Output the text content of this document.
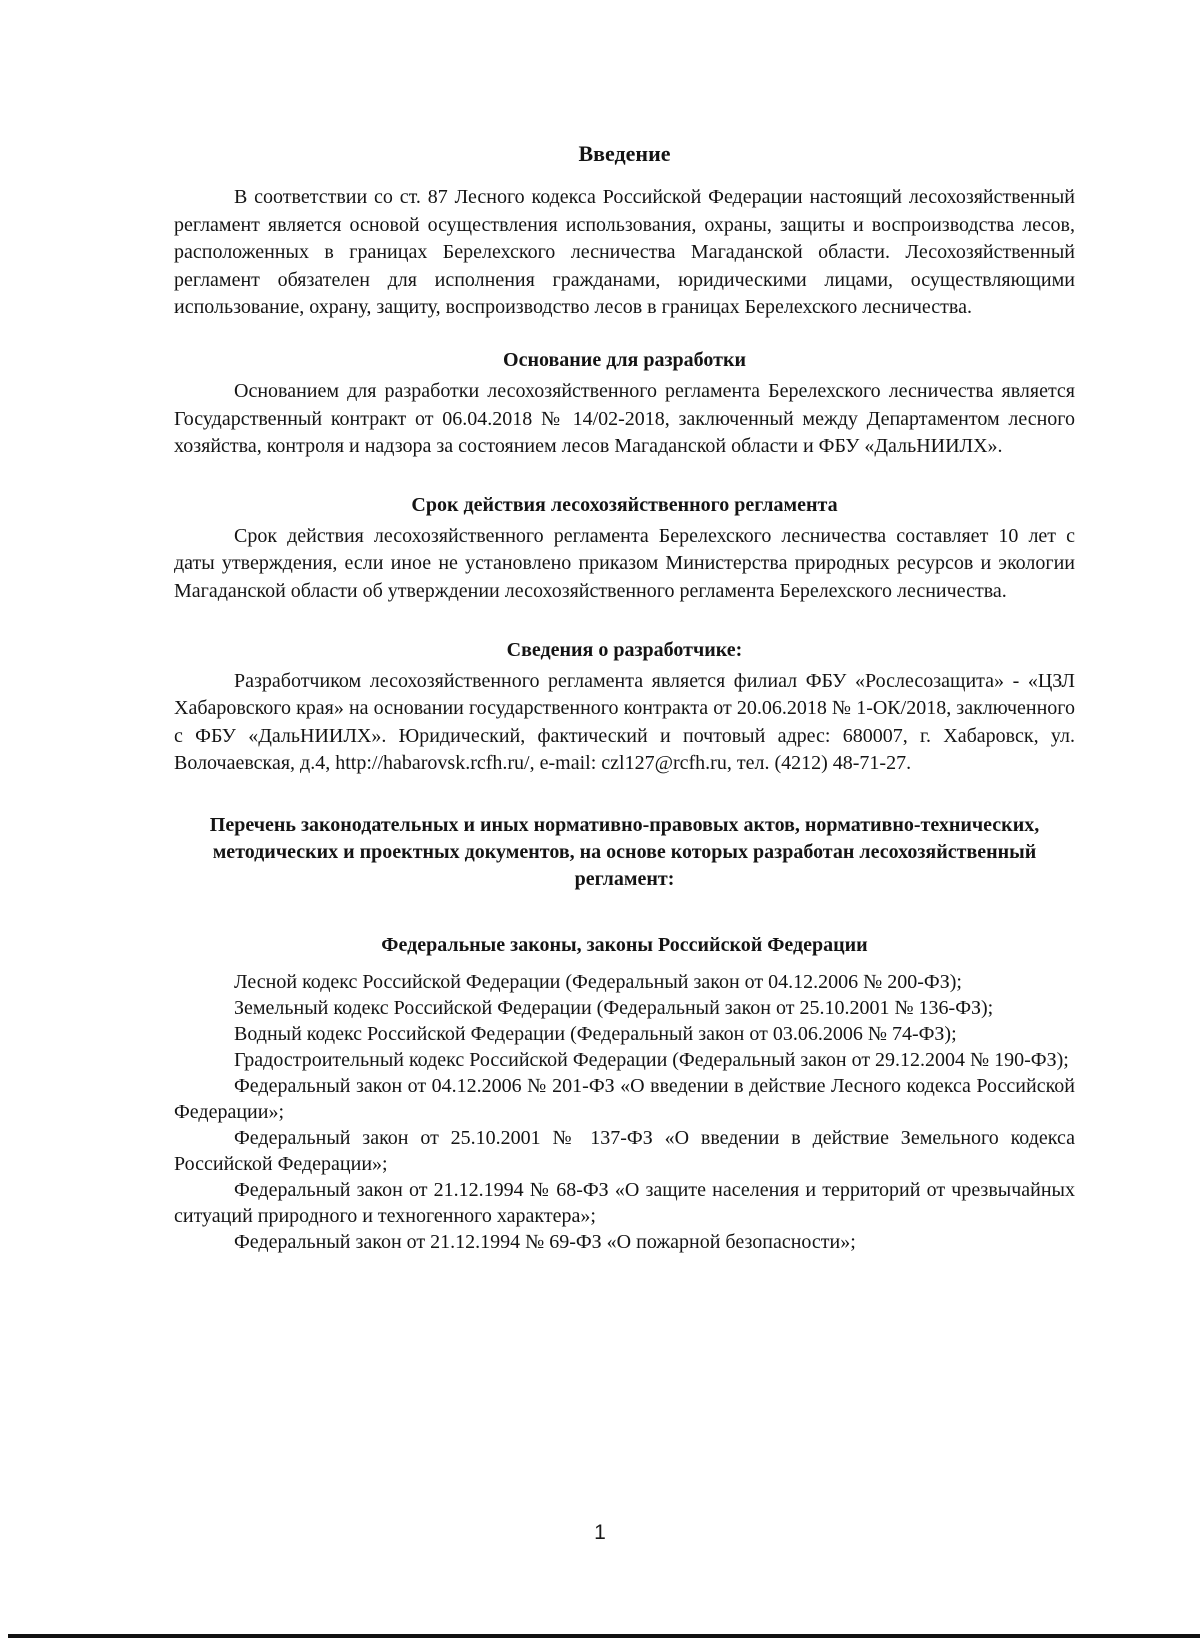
Введение

В соответствии со ст. 87 Лесного кодекса Российской Федерации настоящий лесохозяйственный регламент является основой осуществления использования, охраны, защиты и воспроизводства лесов, расположенных в границах Берелехского лесничества Магаданской области. Лесохозяйственный регламент обязателен для исполнения гражданами, юридическими лицами, осуществляющими использование, охрану, защиту, воспроизводство лесов в границах Берелехского лесничества.

Основание для разработки

Основанием для разработки лесохозяйственного регламента Берелехского лесничества является Государственный контракт от 06.04.2018 № 14/02-2018, заключенный между Департаментом лесного хозяйства, контроля и надзора за состоянием лесов Магаданской области и ФБУ «ДальНИИЛХ».

Срок действия лесохозяйственного регламента

Срок действия лесохозяйственного регламента Берелехского лесничества составляет 10 лет с даты утверждения, если иное не установлено приказом Министерства природных ресурсов и экологии Магаданской области об утверждении лесохозяйственного регламента Берелехского лесничества.

Сведения о разработчике:

Разработчиком лесохозяйственного регламента является филиал ФБУ «Рослесозащита» - «ЦЗЛ Хабаровского края» на основании государственного контракта от 20.06.2018 № 1-ОК/2018, заключенного с ФБУ «ДальНИИЛХ». Юридический, фактический и почтовый адрес: 680007, г. Хабаровск, ул. Волочаевская, д.4, http://habarovsk.rcfh.ru/, e-mail: czl127@rcfh.ru, тел. (4212) 48-71-27.

Перечень законодательных и иных нормативно-правовых актов, нормативно-технических, методических и проектных документов, на основе которых разработан лесохозяйственный регламент:
Федеральные законы, законы Российской Федерации

Лесной кодекс Российской Федерации (Федеральный закон от 04.12.2006 № 200-ФЗ);

Земельный кодекс Российской Федерации (Федеральный закон от 25.10.2001 № 136-ФЗ);

Водный кодекс Российской Федерации (Федеральный закон от 03.06.2006 № 74-ФЗ);

Градостроительный кодекс Российской Федерации (Федеральный закон от 29.12.2004 № 190-ФЗ);

Федеральный закон от 04.12.2006 № 201-ФЗ «О введении в действие Лесного кодекса Российской Федерации»;

Федеральный закон от 25.10.2001 № 137-ФЗ «О введении в действие Земельного кодекса Российской Федерации»;

Федеральный закон от 21.12.1994 № 68-ФЗ «О защите населения и территорий от чрезвычайных ситуаций природного и техногенного характера»;

Федеральный закон от 21.12.1994 № 69-ФЗ «О пожарной безопасности»;

1
